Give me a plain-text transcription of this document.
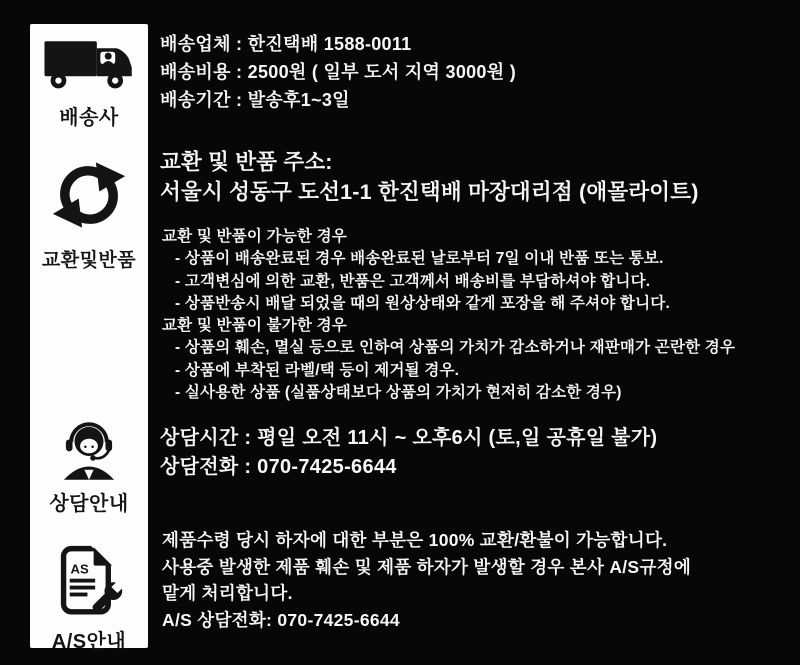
배송사
교환및반품
상담안내
AS
A/S안내
배송업체 : 한진택배 1588-0011
배송비용 : 2500원 ( 일부 도서 지역 3000원 )
배송기간 : 발송후1~3일
교환 및 반품 주소:
서울시 성동구 도선1-1 한진택배 마장대리점 (애몰라이트)
교환 및 반품이 가능한 경우
- 상품이 배송완료된 경우 배송완료된 날로부터 7일 이내 반품 또는 통보.
- 고객변심에 의한 교환, 반품은 고객께서 배송비를 부담하셔야 합니다.
- 상품반송시 배달 되었을 때의 원상상태와 같게 포장을 해 주셔야 합니다.
교환 및 반품이 불가한 경우
- 상품의 훼손, 멸실 등으로 인하여 상품의 가치가 감소하거나 재판매가 곤란한 경우
- 상품에 부착된 라벨/택 등이 제거될 경우.
- 실사용한 상품 (실품상태보다 상품의 가치가 현저히 감소한 경우)
상담시간 : 평일 오전 11시 ~ 오후6시 (토,일 공휴일 불가)
상담전화 : 070-7425-6644
제품수령 당시 하자에 대한 부분은 100% 교환/환불이 가능합니다.
사용중 발생한 제품 훼손 및 제품 하자가 발생할 경우 본사 A/S규정에
맡게 처리합니다.
A/S 상담전화: 070-7425-6644
